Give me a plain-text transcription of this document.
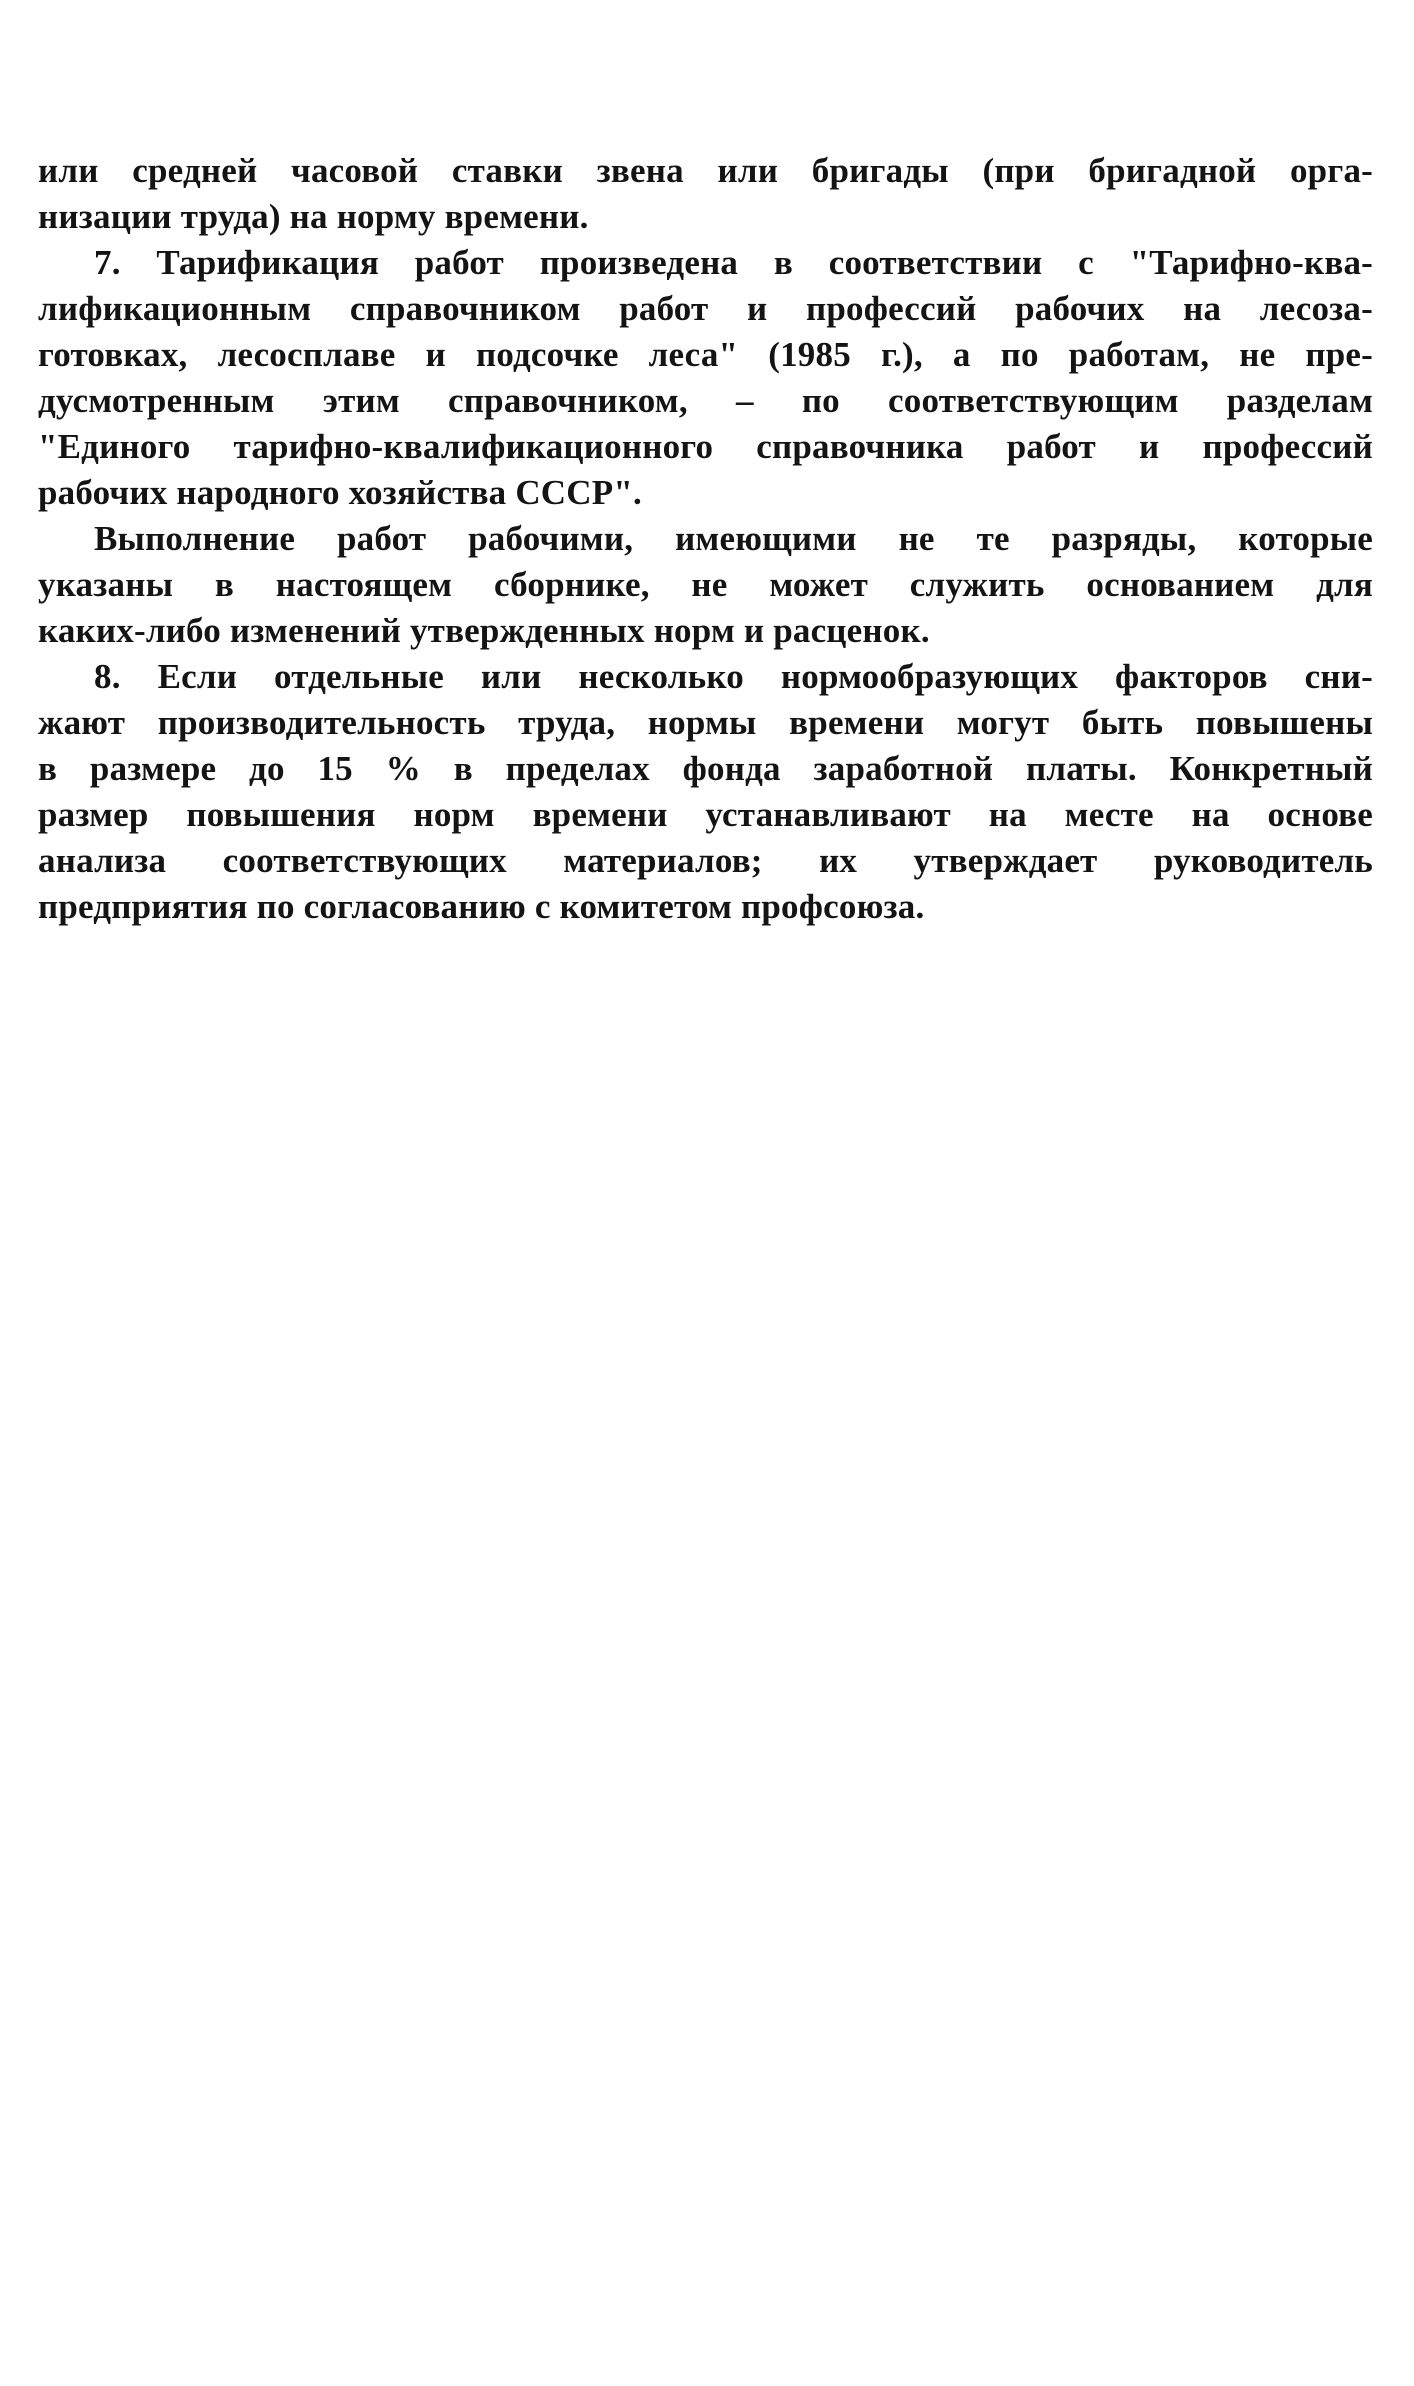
или средней часовой ставки звена или бригады (при бригадной орга-
низации труда) на норму времени.
7. Тарификация работ произведена в соответствии с "Тарифно-ква-
лификационным справочником работ и профессий рабочих на лесоза-
готовках, лесосплаве и подсочке леса" (1985 г.), а по работам, не пре-
дусмотренным этим справочником, – по соответствующим разделам
"Единого тарифно-квалификационного справочника работ и профессий
рабочих народного хозяйства СССР".
Выполнение работ рабочими, имеющими не те разряды, которые
указаны в настоящем сборнике, не может служить основанием для
каких-либо изменений утвержденных норм и расценок.
8. Если отдельные или несколько нормообразующих факторов сни-
жают производительность труда, нормы времени могут быть повышены
в размере до 15 % в пределах фонда заработной платы. Конкретный
размер повышения норм времени устанавливают на месте на основе
анализа соответствующих материалов; их утверждает руководитель
предприятия по согласованию с комитетом профсоюза.
